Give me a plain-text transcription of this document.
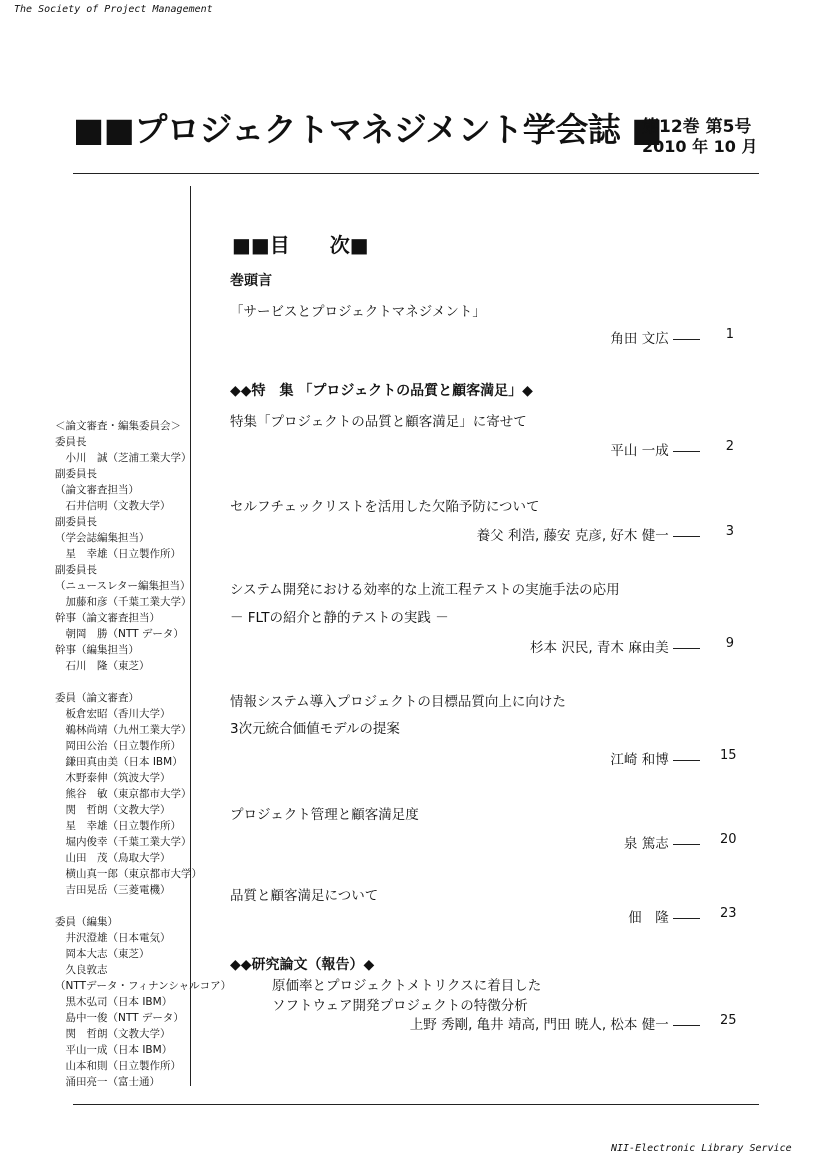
The Society of Project Management
■■プロジェクトマネジメント学会誌 ■
第12巻 第5号
2010 年 10 月
＜論文審査・編集委員会＞
委員長
　小川　誠（芝浦工業大学）
副委員長
（論文審査担当）
　石井信明（文教大学）
副委員長
（学会誌編集担当）
　星　幸雄（日立製作所）
副委員長
（ニュースレター編集担当）
　加藤和彦（千葉工業大学）
幹事（論文審査担当）
　朝岡　勝（NTT データ）
幹事（編集担当）
　石川　隆（東芝）
委員（論文審査）
　板倉宏昭（香川大学）
　鵜林尚靖（九州工業大学）
　岡田公治（日立製作所）
　鎌田真由美（日本 IBM）
　木野泰伸（筑波大学）
　熊谷　敏（東京都市大学）
　関　哲朗（文教大学）
　星　幸雄（日立製作所）
　堀内俊幸（千葉工業大学）
　山田　茂（鳥取大学）
　横山真一郎（東京都市大学）
　吉田晃岳（三菱電機）
委員（編集）
　井沢澄雄（日本電気）
　岡本大志（東芝）
　久良敦志
（NTTデータ・フィナンシャルコア）
　黒木弘司（日本 IBM）
　島中一俊（NTT データ）
　関　哲朗（文教大学）
　平山一成（日本 IBM）
　山本和則（日立製作所）
　涌田亮一（富士通）
■■目　　次■
巻頭言
「サービスとプロジェクトマネジメント」
角田 文広 ――	1
◆◆特　集 「プロジェクトの品質と顧客満足」◆
特集「プロジェクトの品質と顧客満足」に寄せて
平山 一成 ――	2
セルフチェックリストを活用した欠陥予防について
養父 利浩, 藤安 克彦, 好木 健一 ――	3
システム開発における効率的な上流工程テストの実施手法の応用
－ FLTの紹介と静的テストの実践 －
杉本 沢民, 青木 麻由美 ――	9
情報システム導入プロジェクトの目標品質向上に向けた
3次元統合価値モデルの提案
江崎 和博 ―― 15
プロジェクト管理と顧客満足度
泉 篤志 ―― 20
品質と顧客満足について
佃　隆 ―― 23
◆◆研究論文（報告）◆
原価率とプロジェクトメトリクスに着目した
ソフトウェア開発プロジェクトの特徴分析
上野 秀剛, 亀井 靖高, 門田 暁人, 松本 健一 ―― 25
NII-Electronic Library Service
